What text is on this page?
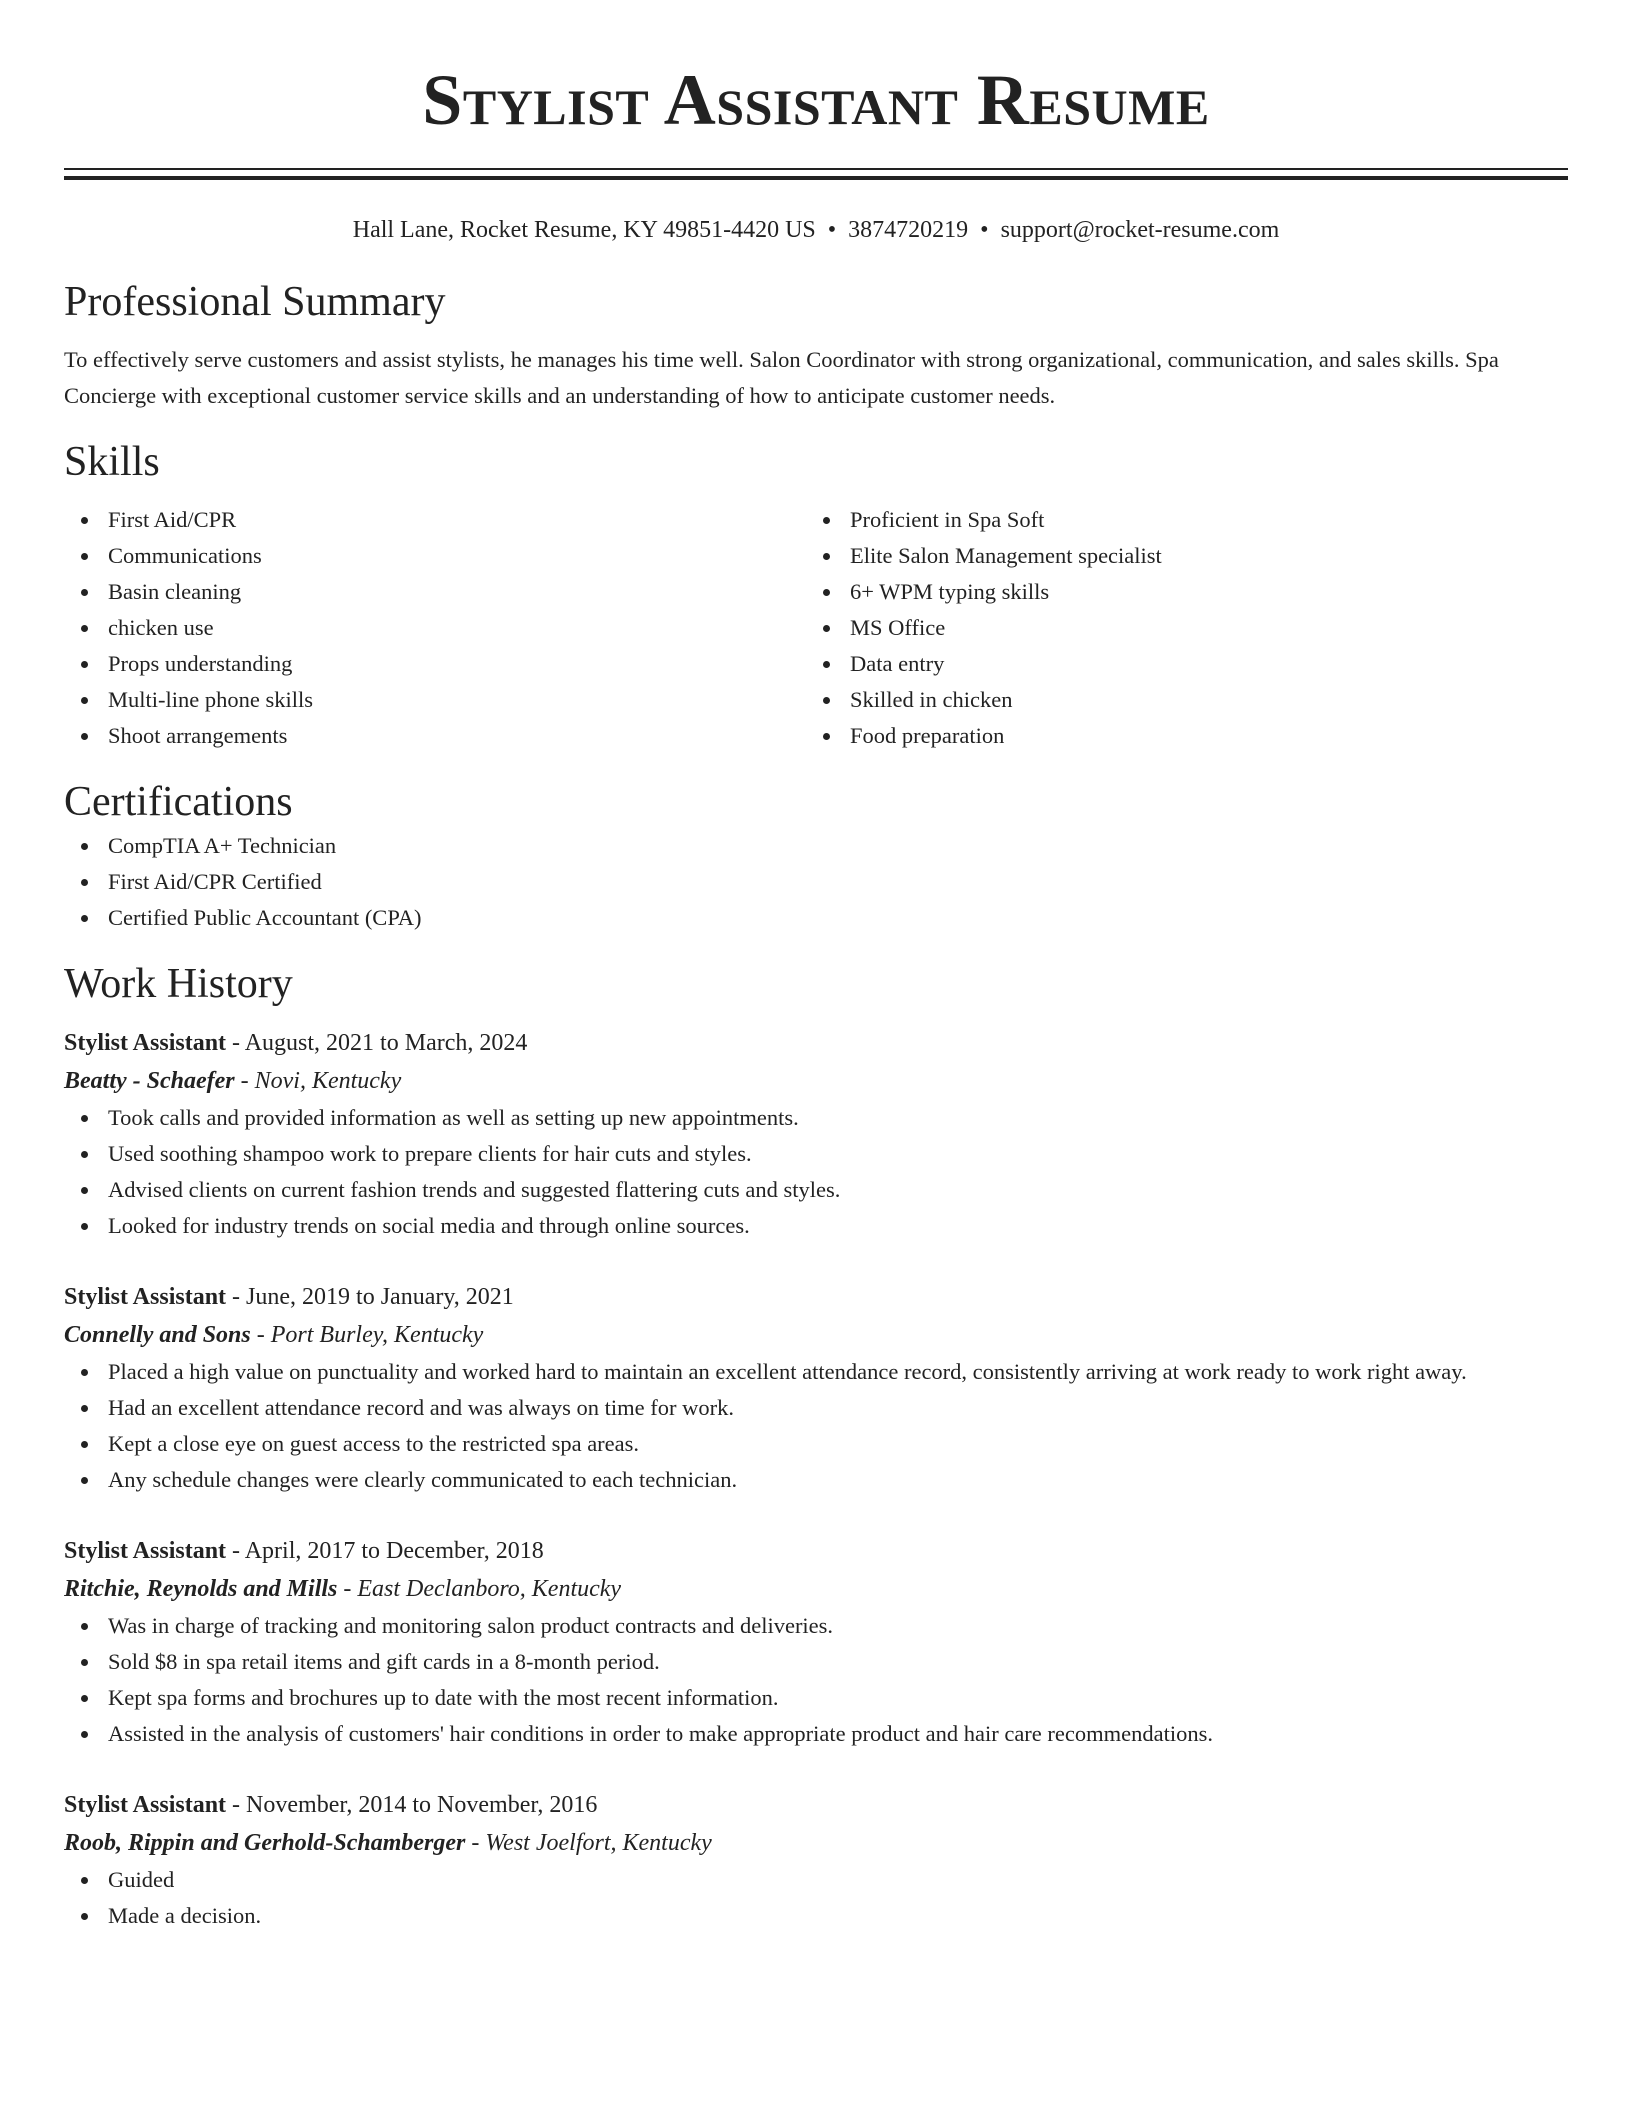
Stylist Assistant Resume
Hall Lane, Rocket Resume, KY 49851-4420 US • 3874720219 • support@rocket-resume.com
Professional Summary

To effectively serve customers and assist stylists, he manages his time well. Salon Coordinator with strong organizational, communication, and sales skills. Spa Concierge with exceptional customer service skills and an understanding of how to anticipate customer needs.

Skills
First Aid/CPR
Communications
Basin cleaning
chicken use
Props understanding
Multi-line phone skills
Shoot arrangements
Proficient in Spa Soft
Elite Salon Management specialist
6+ WPM typing skills
MS Office
Data entry
Skilled in chicken
Food preparation
Certifications
CompTIA A+ Technician
First Aid/CPR Certified
Certified Public Accountant (CPA)
Work History
Stylist Assistant - August, 2021 to March, 2024
Beatty - Schaefer - Novi, Kentucky
Took calls and provided information as well as setting up new appointments.
Used soothing shampoo work to prepare clients for hair cuts and styles.
Advised clients on current fashion trends and suggested flattering cuts and styles.
Looked for industry trends on social media and through online sources.
Stylist Assistant - June, 2019 to January, 2021
Connelly and Sons - Port Burley, Kentucky
Placed a high value on punctuality and worked hard to maintain an excellent attendance record, consistently arriving at work ready to work right away.
Had an excellent attendance record and was always on time for work.
Kept a close eye on guest access to the restricted spa areas.
Any schedule changes were clearly communicated to each technician.
Stylist Assistant - April, 2017 to December, 2018
Ritchie, Reynolds and Mills - East Declanboro, Kentucky
Was in charge of tracking and monitoring salon product contracts and deliveries.
Sold $8 in spa retail items and gift cards in a 8-month period.
Kept spa forms and brochures up to date with the most recent information.
Assisted in the analysis of customers' hair conditions in order to make appropriate product and hair care recommendations.
Stylist Assistant - November, 2014 to November, 2016
Roob, Rippin and Gerhold-Schamberger - West Joelfort, Kentucky
Guided
Made a decision.
